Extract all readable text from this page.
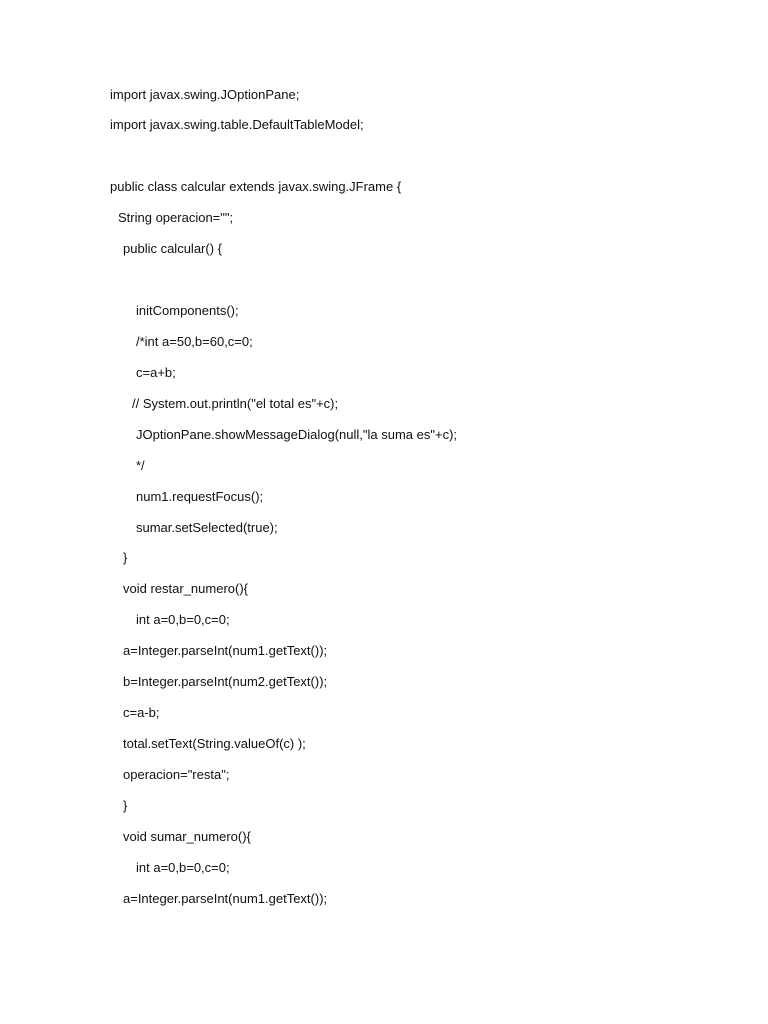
import javax.swing.JOptionPane;
import javax.swing.table.DefaultTableModel;
public class calcular extends javax.swing.JFrame {
String operacion="";
public calcular() {
initComponents();
/*int a=50,b=60,c=0;
c=a+b;
// System.out.println("el total es"+c);
JOptionPane.showMessageDialog(null,"la suma es"+c);
*/
num1.requestFocus();
sumar.setSelected(true);
}
void restar_numero(){
int a=0,b=0,c=0;
a=Integer.parseInt(num1.getText());
b=Integer.parseInt(num2.getText());
c=a-b;
total.setText(String.valueOf(c) );
operacion="resta";
}
void sumar_numero(){
int a=0,b=0,c=0;
a=Integer.parseInt(num1.getText());
